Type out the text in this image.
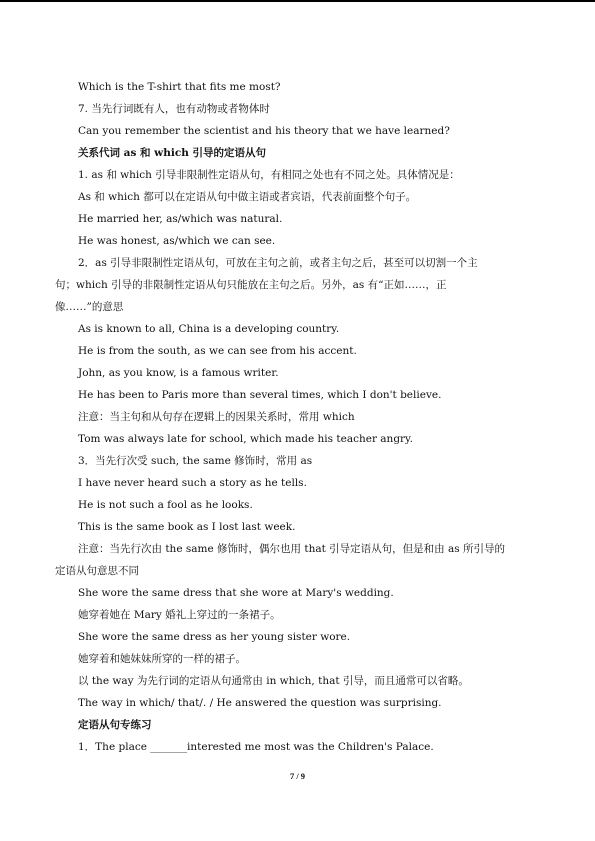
Which is the T-shirt that fits me most?
7. 当先行词既有人，也有动物或者物体时
Can you remember the scientist and his theory that we have learned?
关系代词 as 和 which 引导的定语从句
1. as 和 which 引导非限制性定语从句，有相同之处也有不同之处。具体情况是：
As 和 which 都可以在定语从句中做主语或者宾语，代表前面整个句子。
He married her, as/which was natural.
He was honest, as/which we can see.
2．as 引导非限制性定语从句，可放在主句之前，或者主句之后，甚至可以切割一个主
句；which 引导的非限制性定语从句只能放在主句之后。另外，as 有“正如……，正
像……”的意思
As is known to all, China is a developing country.
He is from the south, as we can see from his accent.
John, as you know, is a famous writer.
He has been to Paris more than several times, which I don't believe.
注意：当主句和从句存在逻辑上的因果关系时，常用 which
Tom was always late for school, which made his teacher angry.
3．当先行次受 such, the same 修饰时，常用 as
I have never heard such a story as he tells.
He is not such a fool as he looks.
This is the same book as I lost last week.
注意：当先行次由 the same 修饰时，偶尔也用 that 引导定语从句，但是和由 as 所引导的
定语从句意思不同
She wore the same dress that she wore at Mary's wedding.
她穿着她在 Mary 婚礼上穿过的一条裙子。
She wore the same dress as her young sister wore.
她穿着和她妹妹所穿的一样的裙子。
以 the way 为先行词的定语从句通常由 in which, that 引导，而且通常可以省略。
The way in which/ that/. / He answered the question was surprising.
定语从句专练习
1．The place _______interested me most was the Children's Palace.
7 / 9
